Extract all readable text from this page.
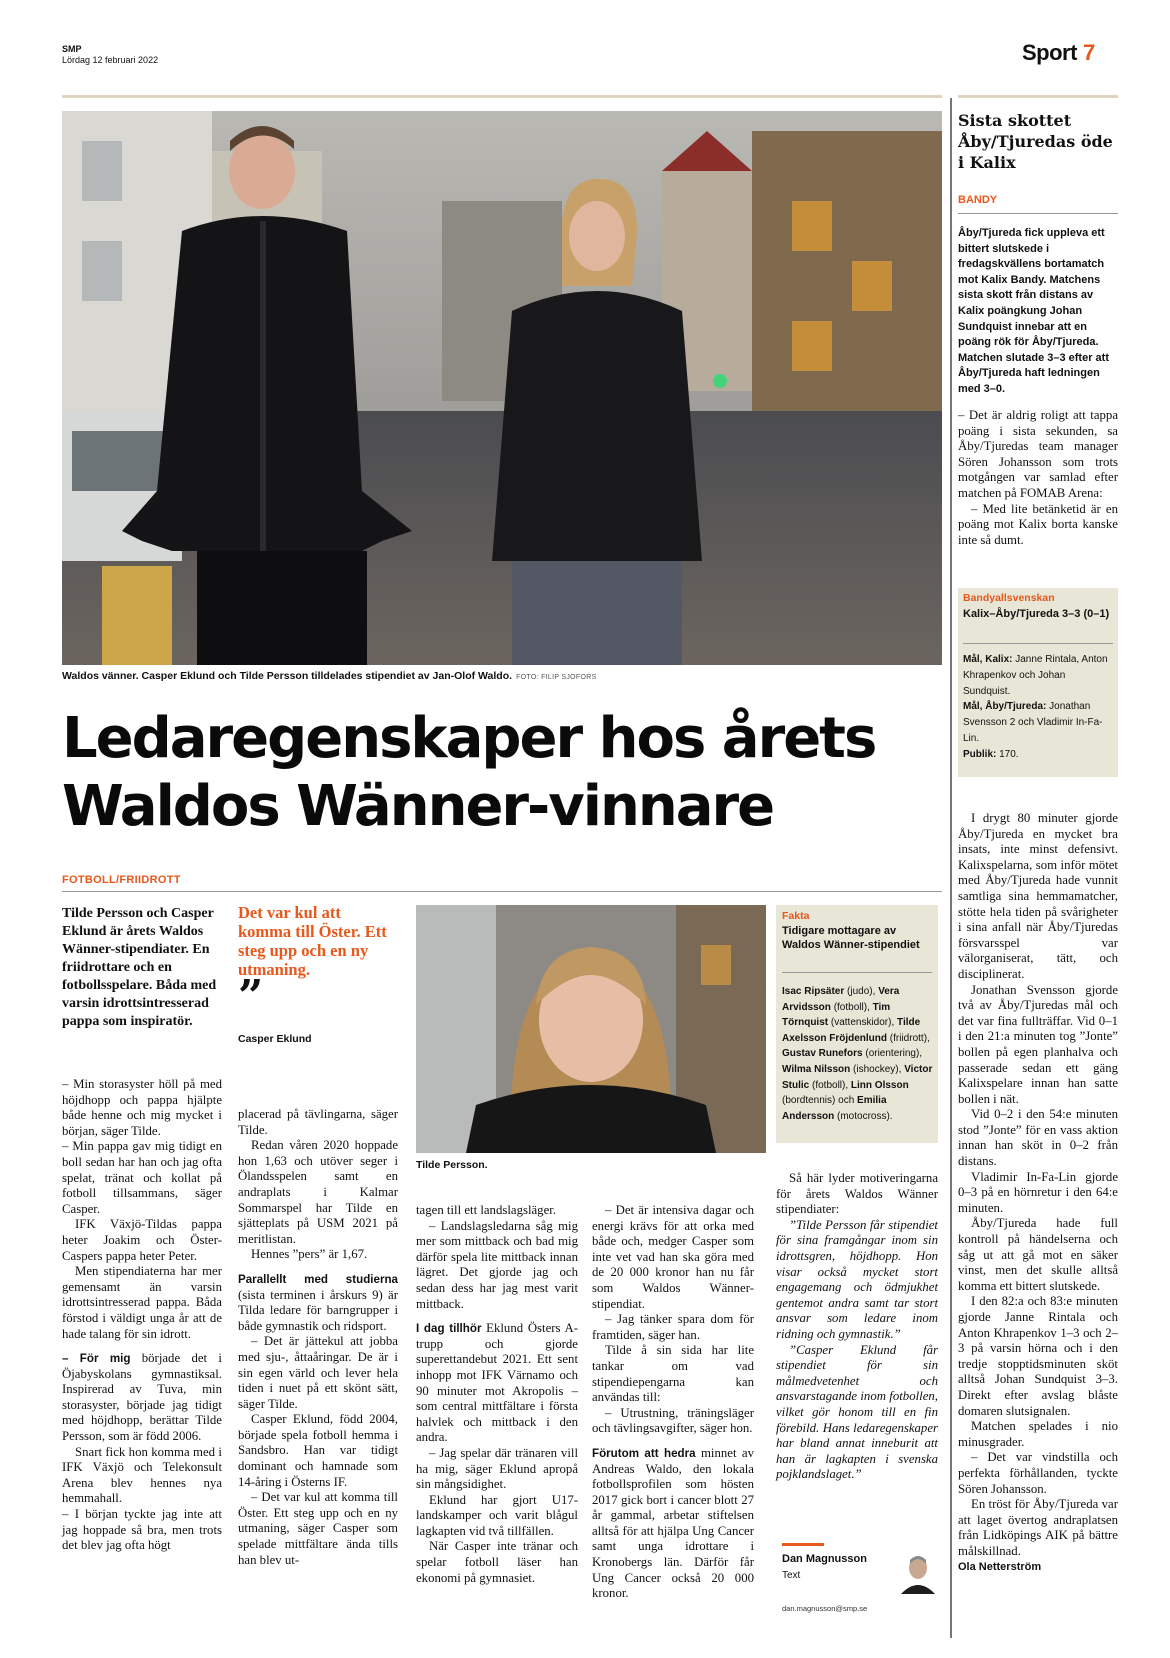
SMP
Lördag 12 februari 2022	Sport 7
Waldos vänner. Casper Eklund och Tilde Persson tilldelades stipendiet av Jan-Olof Waldo. FOTO: FILIP SJOFORS
Ledaregenskaper hos årets
Waldos Wänner-vinnare
FOTBOLL/FRIIDROTT
Tilde Persson och Casper Eklund är årets Waldos Wänner-stipendiater. En friidrottare och en fotbollsspelare. Båda med varsin idrottsintresserad pappa som inspiratör.
Det var kul att komma till Öster. Ett steg upp och en ny utmaning.
”
Casper Eklund
Tilde Persson.
Fakta
Tidigare mottagare av Waldos Wänner-stipendiet
Isac Ripsäter (judo), Vera Arvidsson (fotboll), Tim Törnquist (vattenskidor), Tilde Axelsson Fröjdenlund (friidrott), Gustav Runefors (orientering), Wilma Nilsson (ishockey), Victor Stulic (fotboll), Linn Olsson (bordtennis) och Emilia Andersson (motocross).

– Min storasyster höll på med höjdhopp och pappa hjälpte både henne och mig mycket i början, säger Tilde.

– Min pappa gav mig tidigt en boll sedan har han och jag ofta spelat, tränat och kollat på fotboll tillsammans, säger Casper.

IFK Växjö-Tildas pappa heter Joakim och Öster-Caspers pappa heter Peter.

Men stipendiaterna har mer gemensamt än varsin idrottsintresserad pappa. Båda förstod i väldigt unga år att de hade talang för sin idrott.

– För mig började det i Öjabyskolans gymnastiksal. Inspirerad av Tuva, min storasyster, började jag tidigt med höjdhopp, berättar Tilde Persson, som är född 2006.

Snart fick hon komma med i IFK Växjö och Telekonsult Arena blev hennes nya hemmahall.

– I början tyckte jag inte att jag hoppade så bra, men trots det blev jag ofta högt

placerad på tävlingarna, säger Tilde.

Redan våren 2020 hoppade hon 1,63 och utöver seger i Ölandsspelen samt en andraplats i Kalmar Sommarspel har Tilde en sjätteplats på USM 2021 på meritlistan.

Hennes ”pers” är 1,67.

Parallellt med studierna (sista terminen i årskurs 9) är Tilda ledare för barngrupper i både gymnastik och ridsport.

– Det är jättekul att jobba med sju-, åttaåringar. De är i sin egen värld och lever hela tiden i nuet på ett skönt sätt, säger Tilde.

Casper Eklund, född 2004, började spela fotboll hemma i Sandsbro. Han var tidigt dominant och hamnade som 14-åring i Österns IF.

– Det var kul att komma till Öster. Ett steg upp och en ny utmaning, säger Casper som spelade mittfältare ända tills han blev ut-

tagen till ett landslagsläger.

– Landslagsledarna såg mig mer som mittback och bad mig därför spela lite mittback innan lägret. Det gjorde jag och sedan dess har jag mest varit mittback.

I dag tillhör Eklund Östers A-trupp och gjorde superettandebut 2021. Ett sent inhopp mot IFK Värnamo och 90 minuter mot Akropolis – som central mittfältare i första halvlek och mittback i den andra.

– Jag spelar där tränaren vill ha mig, säger Eklund apropå sin mångsidighet.

Eklund har gjort U17-landskamper och varit blågul lagkapten vid två tillfällen.

När Casper inte tränar och spelar fotboll läser han ekonomi på gymnasiet.

– Det är intensiva dagar och energi krävs för att orka med både och, medger Casper som inte vet vad han ska göra med de 20 000 kronor han nu får som Waldos Wänner-stipendiat.

– Jag tänker spara dom för framtiden, säger han.

Tilde å sin sida har lite tankar om vad stipendiepengarna kan användas till:

– Utrustning, träningsläger och tävlingsavgifter, säger hon.

Förutom att hedra minnet av Andreas Waldo, den lokala fotbollsprofilen som hösten 2017 gick bort i cancer blott 27 år gammal, arbetar stiftelsen alltså för att hjälpa Ung Cancer samt unga idrottare i Kronobergs län. Därför får Ung Cancer också 20 000 kronor.

Så här lyder motiveringarna för årets Waldos Wänner stipendiater:

”Tilde Persson får stipendiet för sina framgångar inom sin idrottsgren, höjdhopp. Hon visar också mycket stort engagemang och ödmjukhet gentemot andra samt tar stort ansvar som ledare inom ridning och gymnastik.”

”Casper Eklund får stipendiet för sin målmedvetenhet och ansvarstagande inom fotbollen, vilket gör honom till en fin förebild. Hans ledaregenskaper har bland annat inneburit att han är lagkapten i svenska pojklandslaget.”

Dan Magnusson
Text
dan.magnusson@smp.se
Sista skottet Åby/Tjuredas öde i Kalix
BANDY
Åby/Tjureda fick uppleva ett bittert slutskede i fredagskvällens bortamatch mot Kalix Bandy. Matchens sista skott från distans av Kalix poängkung Johan Sundquist innebar att en poäng rök för Åby/Tjureda. Matchen slutade 3–3 efter att Åby/Tjureda haft ledningen med 3–0.

– Det är aldrig roligt att tappa poäng i sista sekunden, sa Åby/Tjuredas team manager Sören Johansson som trots motgången var samlad efter matchen på FOMAB Arena:

– Med lite betänketid är en poäng mot Kalix borta kanske inte så dumt.

Bandyallsvenskan
Kalix–Åby/Tjureda 3–3 (0–1)
Mål, Kalix: Janne Rintala, Anton Khrapenkov och Johan Sundquist.
Mål, Åby/Tjureda: Jonathan Svensson 2 och Vladimir In-Fa-Lin.
Publik: 170.

I drygt 80 minuter gjorde Åby/Tjureda en mycket bra insats, inte minst defensivt. Kalixspelarna, som inför mötet med Åby/Tjureda hade vunnit samtliga sina hemmamatcher, stötte hela tiden på svårigheter i sina anfall när Åby/Tjuredas försvarsspel var välorganiserat, tätt, och disciplinerat.

Jonathan Svensson gjorde två av Åby/Tjuredas mål och det var fina fullträffar. Vid 0–1 i den 21:a minuten tog ”Jonte” bollen på egen planhalva och passerade sedan ett gäng Kalixspelare innan han satte bollen i nät.

Vid 0–2 i den 54:e minuten stod ”Jonte” för en vass aktion innan han sköt in 0–2 från distans.

Vladimir In-Fa-Lin gjorde 0–3 på en hörnretur i den 64:e minuten.

Åby/Tjureda hade full kontroll på händelserna och såg ut att gå mot en säker vinst, men det skulle alltså komma ett bittert slutskede.

I den 82:a och 83:e minuten gjorde Janne Rintala och Anton Khrapenkov 1–3 och 2–3 på varsin hörna och i den tredje stopptidsminuten sköt alltså Johan Sundquist 3–3. Direkt efter avslag blåste domaren slutsignalen.

Matchen spelades i nio minusgrader.

– Det var vindstilla och perfekta förhållanden, tyckte Sören Johansson.

En tröst för Åby/Tjureda var att laget övertog andraplatsen från Lidköpings AIK på bättre målskillnad.

Ola Netterström
